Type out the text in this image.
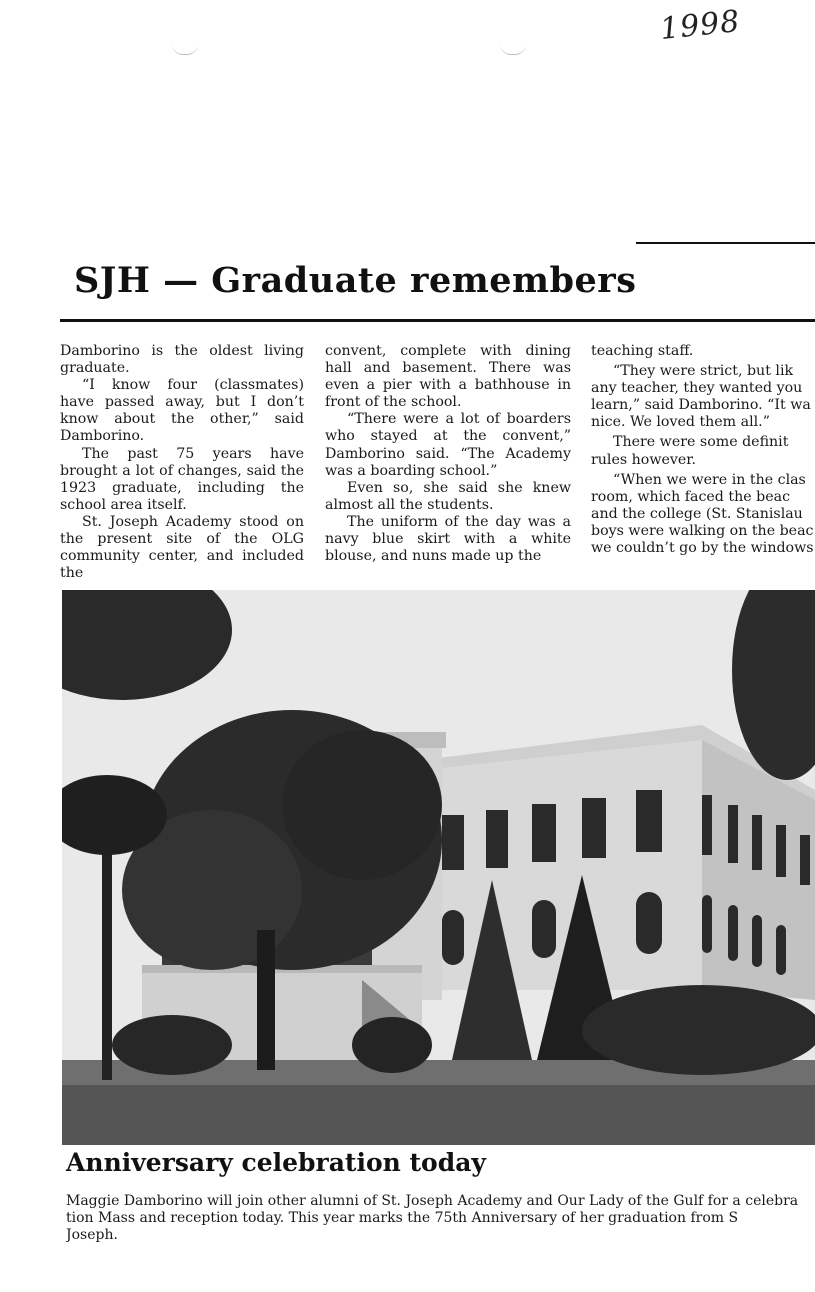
1998
SJH — Graduate remembers

Damborino is the oldest living graduate.

“I know four (classmates) have passed away, but I don’t know about the other,” said Damborino.

The past 75 years have brought a lot of changes, said the 1923 graduate, including the school area itself.

St. Joseph Academy stood on the present site of the OLG community center, and included the

convent, complete with dining hall and basement. There was even a pier with a bathhouse in front of the school.

“There were a lot of boarders who stayed at the convent,” Damborino said. “The Academy was a boarding school.”

Even so, she said she knew almost all the students.

The uniform of the day was a navy blue skirt with a white blouse, and nuns made up the

teaching staff.

“They were strict, but lik

any teacher, they wanted you
learn,” said Damborino. “It wa
nice. We loved them all.”

There were some definit

rules however.

“When we were in the clas

room, which faced the beac
and the college (St. Stanislau
boys were walking on the beac
we couldn’t go by the windows
Anniversary celebration today
Maggie Damborino will join other alumni of St. Joseph Academy and Our Lady of the Gulf for a celebra
tion Mass and reception today. This year marks the 75th Anniversary of her graduation from S
Joseph.
